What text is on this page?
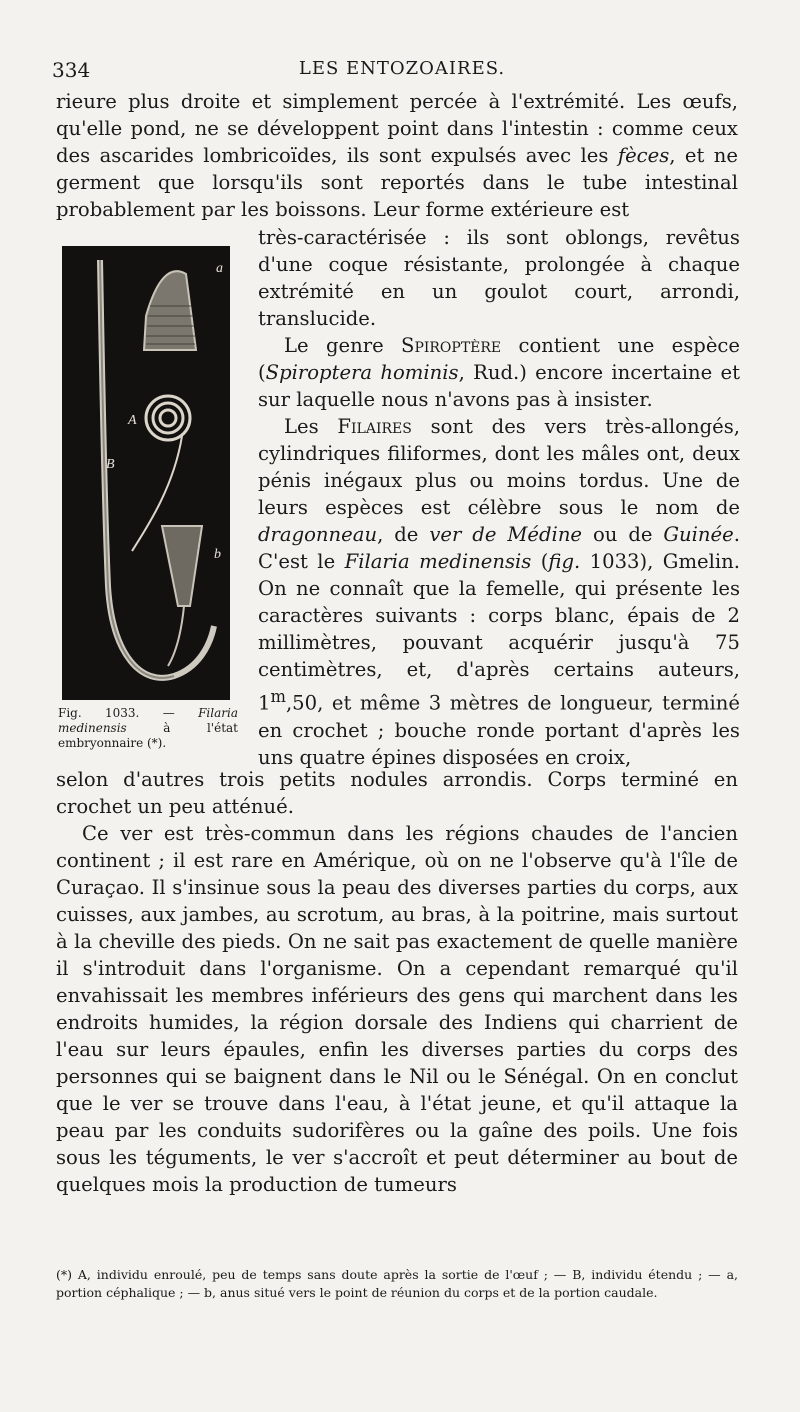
334	LES ENTOZOAIRES.

rieure plus droite et simplement percée à l'extrémité. Les œufs, qu'elle pond, ne se développent point dans l'intestin : comme ceux des ascarides lombricoïdes, ils sont expulsés avec les fèces, et ne germent que lorsqu'ils sont reportés dans le tube intestinal probablement par les boissons. Leur forme extérieure est

a
A
B
b
Fig. 1033. — Filaria medinensis à l'état embryonnaire (*).

très-caractérisée : ils sont oblongs, revêtus d'une coque résistante, prolongée à chaque extrémité en un goulot court, arrondi, translucide.

Le genre Spiroptère contient une espèce (Spiroptera hominis, Rud.) encore incertaine et sur laquelle nous n'avons pas à insister.

Les Filaires sont des vers très-allongés, cylindriques filiformes, dont les mâles ont, deux pénis inégaux plus ou moins tordus. Une de leurs espèces est célèbre sous le nom de dragonneau, de ver de Médine ou de Guinée. C'est le Filaria medinensis (fig. 1033), Gmelin. On ne connaît que la femelle, qui présente les caractères suivants : corps blanc, épais de 2 millimètres, pouvant acquérir jusqu'à 75 centimètres, et, d'après certains auteurs, 1$^m$,50, et même 3 mètres de longueur, terminé en crochet ; bouche ronde portant d'après les uns quatre épines disposées en croix,

selon d'autres trois petits nodules arrondis. Corps terminé en crochet un peu atténué.

Ce ver est très-commun dans les régions chaudes de l'ancien continent ; il est rare en Amérique, où on ne l'observe qu'à l'île de Curaçao. Il s'insinue sous la peau des diverses parties du corps, aux cuisses, aux jambes, au scrotum, au bras, à la poitrine, mais surtout à la cheville des pieds. On ne sait pas exactement de quelle manière il s'introduit dans l'organisme. On a cependant remarqué qu'il envahissait les membres inférieurs des gens qui marchent dans les endroits humides, la région dorsale des Indiens qui charrient de l'eau sur leurs épaules, enfin les diverses parties du corps des personnes qui se baignent dans le Nil ou le Sénégal. On en conclut que le ver se trouve dans l'eau, à l'état jeune, et qu'il attaque la peau par les conduits sudorifères ou la gaîne des poils. Une fois sous les téguments, le ver s'accroît et peut déterminer au bout de quelques mois la production de tumeurs

(*) A, individu enroulé, peu de temps sans doute après la sortie de l'œuf ; — B, individu étendu ; — a, portion céphalique ; — b, anus situé vers le point de réunion du corps et de la portion caudale.
